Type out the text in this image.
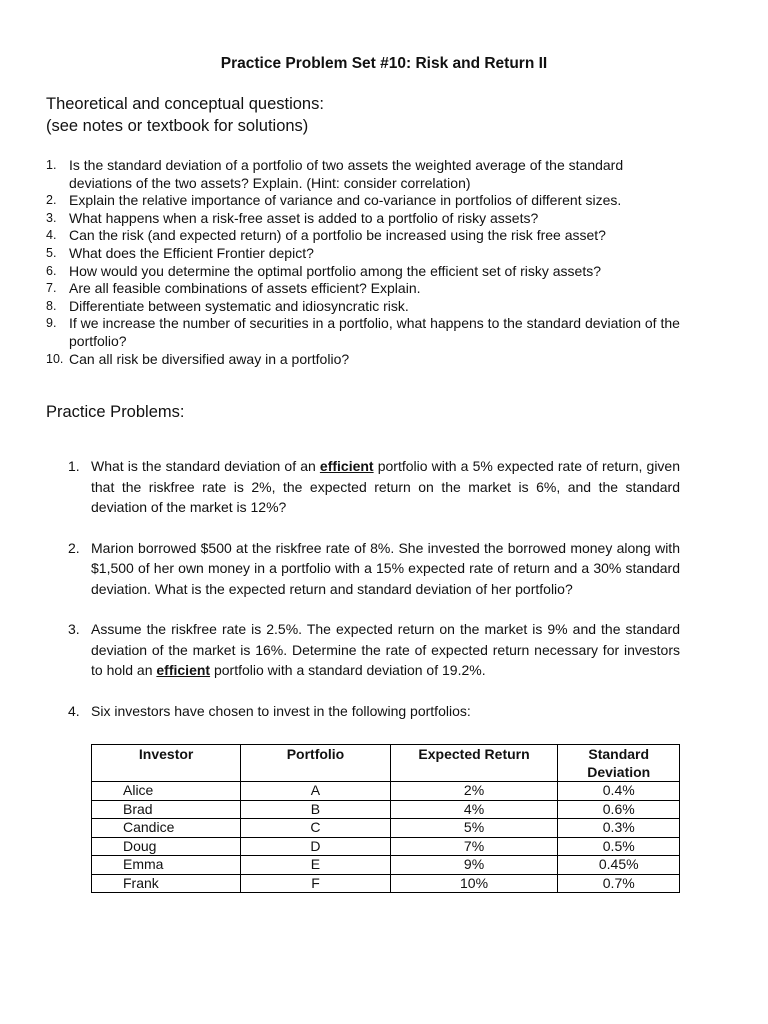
Practice Problem Set #10: Risk and Return II
Theoretical and conceptual questions:
(see notes or textbook for solutions)
1. Is the standard deviation of a portfolio of two assets the weighted average of the standard deviations of the two assets? Explain. (Hint: consider correlation)
2. Explain the relative importance of variance and co-variance in portfolios of different sizes.
3. What happens when a risk-free asset is added to a portfolio of risky assets?
4. Can the risk (and expected return) of a portfolio be increased using the risk free asset?
5. What does the Efficient Frontier depict?
6. How would you determine the optimal portfolio among the efficient set of risky assets?
7. Are all feasible combinations of assets efficient? Explain.
8. Differentiate between systematic and idiosyncratic risk.
9. If we increase the number of securities in a portfolio, what happens to the standard deviation of the portfolio?
10. Can all risk be diversified away in a portfolio?
Practice Problems:
1. What is the standard deviation of an efficient portfolio with a 5% expected rate of return, given that the riskfree rate is 2%, the expected return on the market is 6%, and the standard deviation of the market is 12%?
2. Marion borrowed $500 at the riskfree rate of 8%. She invested the borrowed money along with $1,500 of her own money in a portfolio with a 15% expected rate of return and a 30% standard deviation. What is the expected return and standard deviation of her portfolio?
3. Assume the riskfree rate is 2.5%. The expected return on the market is 9% and the standard deviation of the market is 16%. Determine the rate of expected return necessary for investors to hold an efficient portfolio with a standard deviation of 19.2%.
4. Six investors have chosen to invest in the following portfolios:
Investor	Portfolio	Expected Return	Standard Deviation
Alice	A	2%	0.4%
Brad	B	4%	0.6%
Candice	C	5%	0.3%
Doug	D	7%	0.5%
Emma	E	9%	0.45%
Frank	F	10%	0.7%
